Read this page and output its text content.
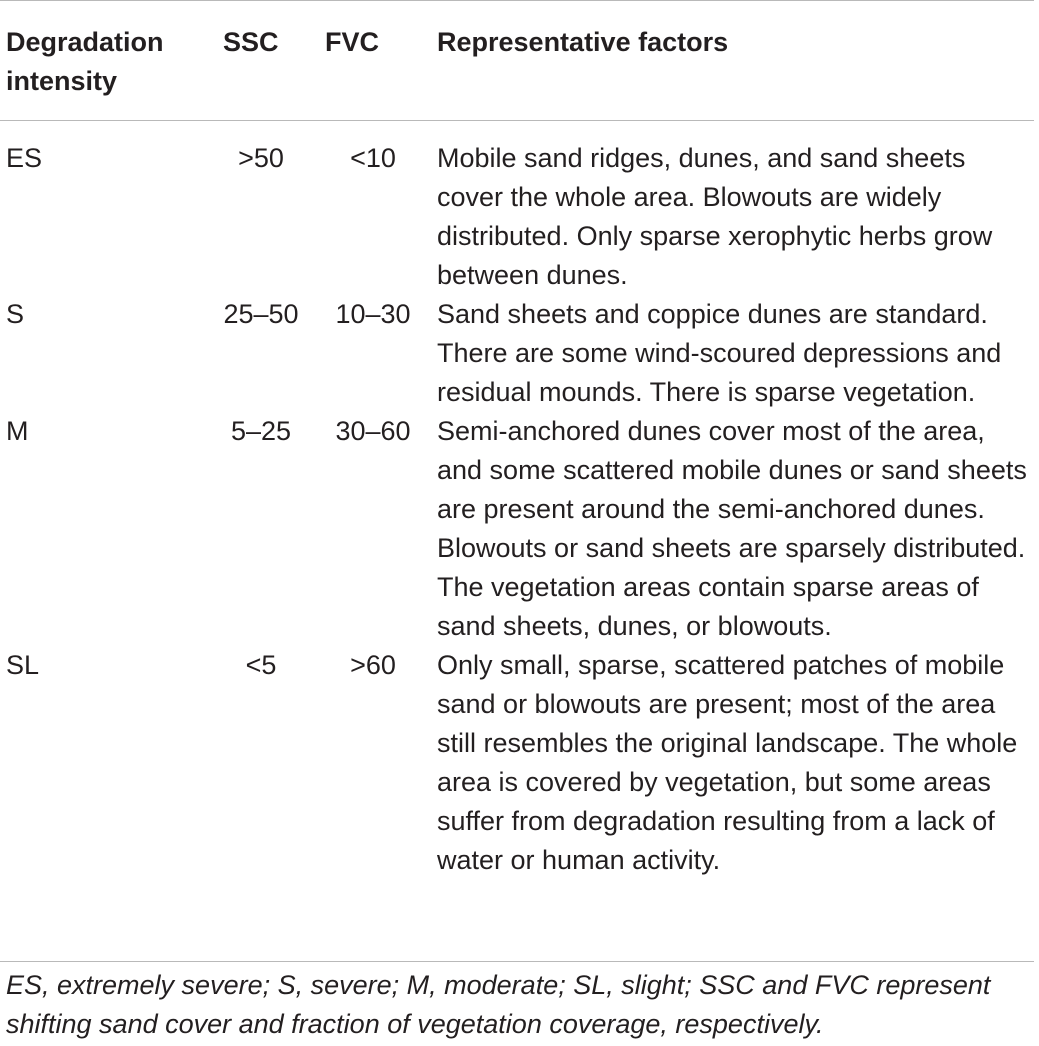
Degradation intensity	SSC	FVC	Representative factors
ES	>50	<10	Mobile sand ridges, dunes, and sand sheets cover the whole area. Blowouts are widely distributed. Only sparse xerophytic herbs grow between dunes.
S	25–50	10–30	Sand sheets and coppice dunes are standard. There are some wind-scoured depressions and residual mounds. There is sparse vegetation.
M	5–25	30–60	Semi-anchored dunes cover most of the area, and some scattered mobile dunes or sand sheets are present around the semi-anchored dunes. Blowouts or sand sheets are sparsely distributed. The vegetation areas contain sparse areas of sand sheets, dunes, or blowouts.
SL	<5	>60	Only small, sparse, scattered patches of mobile sand or blowouts are present; most of the area still resembles the original landscape. The whole area is covered by vegetation, but some areas suffer from degradation resulting from a lack of water or human activity.
ES, extremely severe; S, severe; M, moderate; SL, slight; SSC and FVC represent shifting sand cover and fraction of vegetation coverage, respectively.
